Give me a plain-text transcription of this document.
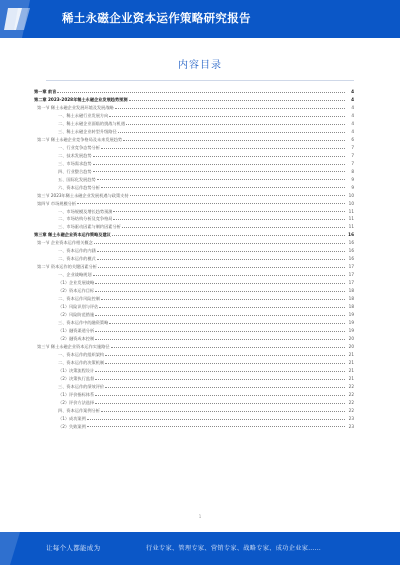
稀土永磁企业资本运作策略研究报告
内容目录
第一章 前言	4
第二章 2023-2028年稀土永磁企业发展趋势预测	4
第一节 稀土永磁企业发展环境及发展战略	4
一、稀土永磁行业发展方向	4
二、稀土永磁企业面临的挑战与机遇	4
三、稀土永磁企业转型升级路径	4
第二节 稀土永磁企业竞争格局及未来发展趋势	6
一、行业竞争态势分析	7
二、技术发展趋势	7
三、市场需求趋势	7
四、行业整合趋势	8
五、国际化发展趋势	9
六、资本运作趋势分析	9
第三节 2023年稀土永磁企业发展机遇与政策支持	10
第四节 市场规模分析	10
一、市场规模及增长趋势预测	11
二、市场结构分析及竞争格局	11
三、市场驱动因素与制约因素分析	11
第三章 稀土永磁企业资本运作策略及建议	16
第一节 企业资本运作相关概念	16
一、资本运作的内涵	16
二、资本运作的模式	16
第二节 资本运作的关键因素分析	17
一、企业战略规划	17
（1）企业发展战略	17
（2）资本运作目标	18
二、资本运作风险控制	18
（1）风险识别与评估	18
（2）风险防范措施	19
三、资本运作中的融资策略	19
（1）融资渠道分析	19
（2）融资成本控制	20
第三节 稀土永磁企业资本运作实施路径	20
一、资本运作的组织架构	21
二、资本运作的决策机制	21
（1）决策流程设计	21
（2）决策执行监督	21
三、资本运作的绩效评价	22
（1）评价指标体系	22
（2）评价方法选择	22
四、资本运作案例分析	22
（1）成功案例	23
（2）失败案例	23
1
让每个人都能成为	行业专家、管理专家、营销专家、战略专家、成功企业家……
